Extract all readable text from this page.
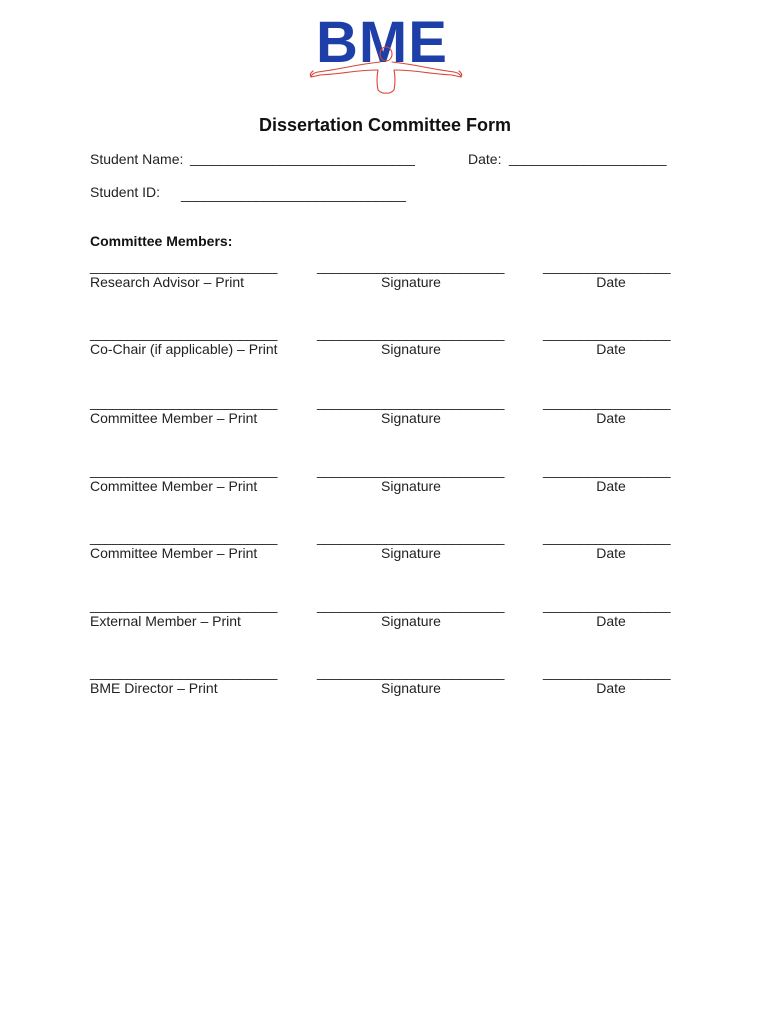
BME
Dissertation Committee Form
Student Name: ______________________________	Date: _____________________
Student ID: ______________________________
Committee Members:
_________________________	_________________________	_________________
Research Advisor – Print	Signature	Date
_________________________	_________________________	_________________
Co-Chair (if applicable) – Print	Signature	Date
_________________________	_________________________	_________________
Committee Member – Print	Signature	Date
_________________________	_________________________	_________________
Committee Member – Print	Signature	Date
_________________________	_________________________	_________________
Committee Member – Print	Signature	Date
_________________________	_________________________	_________________
External Member – Print	Signature	Date
_________________________	_________________________	_________________
BME Director – Print	Signature	Date
